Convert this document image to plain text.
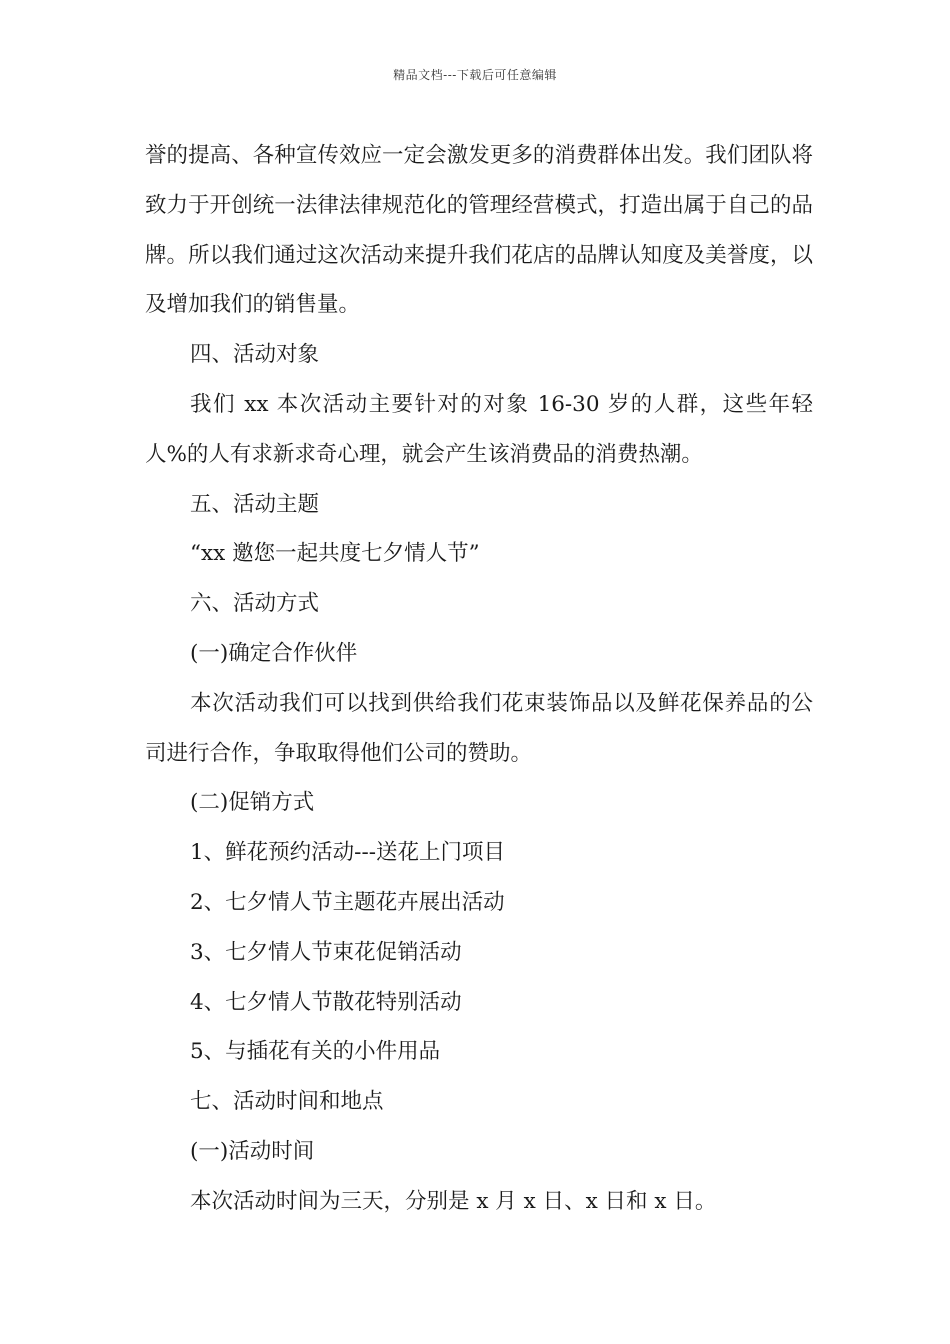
精品文档---下载后可任意编辑

誉的提高、各种宣传效应一定会激发更多的消费群体出发。我们团队将致力于开创统一法律法律规范化的管理经营模式，打造出属于自己的品牌。所以我们通过这次活动来提升我们花店的品牌认知度及美誉度，以及增加我们的销售量。

四、活动对象

我们 xx 本次活动主要针对的对象 16-30 岁的人群，这些年轻人%的人有求新求奇心理，就会产生该消费品的消费热潮。

五、活动主题

“xx 邀您一起共度七夕情人节”

六、活动方式

(一)确定合作伙伴

本次活动我们可以找到供给我们花束装饰品以及鲜花保养品的公司进行合作，争取取得他们公司的赞助。

(二)促销方式

1、鲜花预约活动---送花上门项目

2、七夕情人节主题花卉展出活动

3、七夕情人节束花促销活动

4、七夕情人节散花特别活动

5、与插花有关的小件用品

七、活动时间和地点

(一)活动时间

本次活动时间为三天，分别是 x 月 x 日、x 日和 x 日。
